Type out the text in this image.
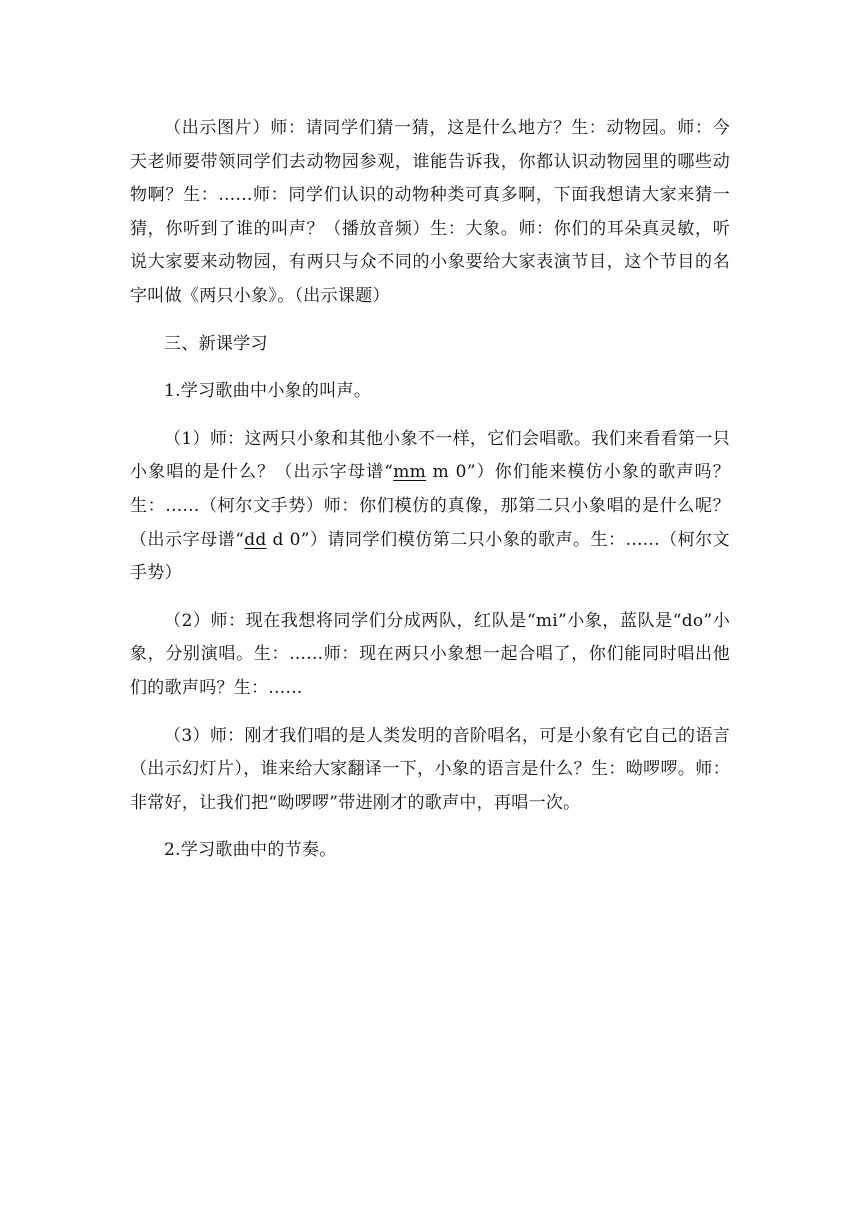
（出示图片）师：请同学们猜一猜，这是什么地方？生：动物园。师：今天老师要带领同学们去动物园参观，谁能告诉我，你都认识动物园里的哪些动物啊？生：......师：同学们认识的动物种类可真多啊，下面我想请大家来猜一猜，你听到了谁的叫声？（播放音频）生：大象。师：你们的耳朵真灵敏，听说大家要来动物园，有两只与众不同的小象要给大家表演节目，这个节目的名字叫做《两只小象》。（出示课题）

三、新课学习

1.学习歌曲中小象的叫声。

（1）师：这两只小象和其他小象不一样，它们会唱歌。我们来看看第一只小象唱的是什么？（出示字母谱“mm m 0”）你们能来模仿小象的歌声吗？生：......（柯尔文手势）师：你们模仿的真像，那第二只小象唱的是什么呢？（出示字母谱“dd d 0”）请同学们模仿第二只小象的歌声。生：......（柯尔文手势）

（2）师：现在我想将同学们分成两队，红队是“mi”小象，蓝队是“do”小象，分别演唱。生：......师：现在两只小象想一起合唱了，你们能同时唱出他们的歌声吗？生：......

（3）师：刚才我们唱的是人类发明的音阶唱名，可是小象有它自己的语言（出示幻灯片），谁来给大家翻译一下，小象的语言是什么？生：呦啰啰。师：非常好，让我们把“呦啰啰”带进刚才的歌声中，再唱一次。

2.学习歌曲中的节奏。
